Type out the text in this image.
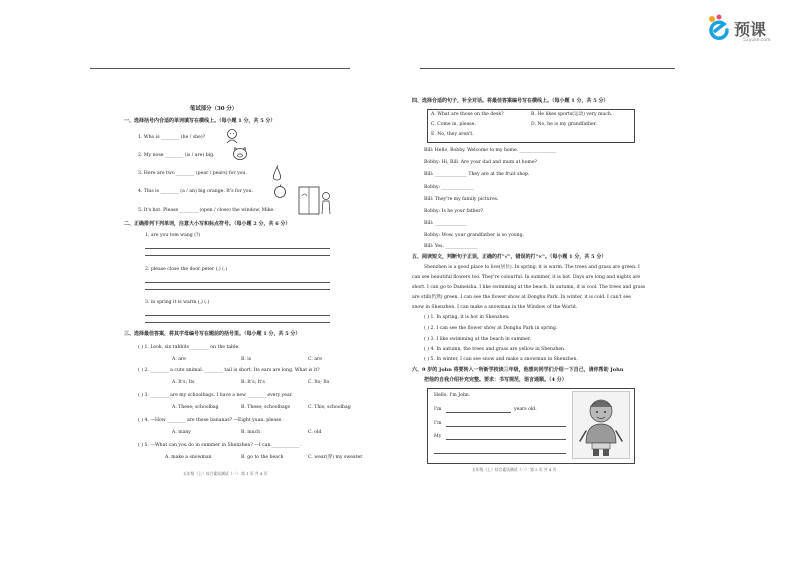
预课
52yuke.com
笔试部分（30 分）
一、选择括号内合适的单词填写在横线上。（每小题 1 分，共 5 分）
1. Who is ________ (he / she)?
2. My nose ________ (is / are) big.
3. Here are two ________ (pear / pears) for you.
4. This is ________ (a / an) big orange. It's for you.
5. It's hot. Please ________ (open / close) the window, Mike.
二、正确排列下列单词，注意大小写和标点符号。（每小题 2 分，共 6 分）
1. are you tom wang (?)
2. please close the door peter (,) (.)
3. in spring it is warm (,) (.)
三、选择最佳答案，将其字母编号写在题前的括号里。（每小题 1 分，共 5 分）
( ) 1. Look, six rabbits ________ on the table.
A. are	B. is	C. are
( ) 2. ________ a cute animal. ________ tail is short. Its ears are long. What is it?
A. It's; Its	B. It's; It's	C. Its; Its
( ) 3. ________ are my schoolbags. I have a new ________ every year.
A. These; schoolbag	B. These; schoolbags	C. This; schoolbag
( ) 4. —How ________ are these bananas? —Eight yuan, please.
A. many	B. much	C. old
( ) 5. —What can you do in summer in Shenzhen? —I can ____________.
A. make a snowman	B. go to the beach	C. wear(穿) my sweater
五年级（上）综合素质测试（一） 第 1 页 共 4 页
四、选择合适的句子，补全对话。将最佳答案编号写在横线上。（每小题 1 分，共 5 分）
A. What are those on the desk?	B. He likes sports(运动) very much.
C. Come in, please.	D. No, he is my grandfather.
E. No, they aren't.
Bill: Hello, Bobby. Welcome to my home. ________________
Bobby: Hi, Bill. Are your dad and mum at home?
Bill: ______________ They are at the fruit shop.
Bobby: ______________
Bill: They're my family pictures.
Bobby: Is he your father?
Bill: ______________
Bobby: Wow, your grandfather is so young.
Bill: Yes. ______________
五、阅读短文，判断句子正误，正确的打"√"，错误的打"×"。（每小题 1 分，共 5 分）
Shenzhen is a good place to live(居住). In spring, it is warm. The trees and grass are green. I
can see beautiful flowers too. They're colourful. In summer, it is hot. Days are long and nights are
short. I can go to Dameisha. I like swimming at the beach. In autumn, it is cool. The trees and grass
are still(仍然) green. I can see the flower show at Donghu Park. In winter, it is cold. I can't see
snow in Shenzhen. I can make a snowman in the Window of the World.
( ) 1. In spring, it is hot in Shenzhen.
( ) 2. I can see the flower show at Donghu Park in spring.
( ) 3. I like swimming at the beach in summer.
( ) 4. In autumn, the trees and grass are yellow in Shenzhen.
( ) 5. In winter, I can see snow and make a snowman in Shenzhen.
六、9 岁的 John 将要转入一所新学校读三年级，他想向同学们介绍一下自己，请你帮助 John
把他的自我介绍补充完整。要求：书写规范，语言通顺。（4 分）
Hello, I'm John.
I'm	years old.
I'm
My
五年级（上）综合素质测试（一） 第 2 页 共 4 页
